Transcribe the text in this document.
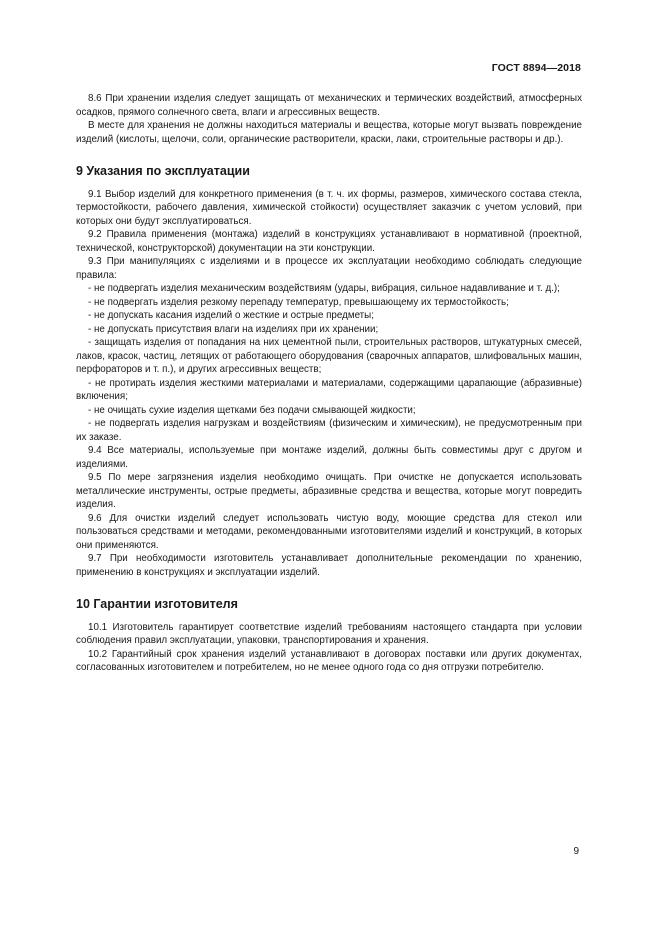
ГОСТ 8894—2018

8.6 При хранении изделия следует защищать от механических и термических воздействий, атмосферных осадков, прямого солнечного света, влаги и агрессивных веществ.

В месте для хранения не должны находиться материалы и вещества, которые могут вызвать повреждение изделий (кислоты, щелочи, соли, органические растворители, краски, лаки, строительные растворы и др.).

9 Указания по эксплуатации

9.1 Выбор изделий для конкретного применения (в т. ч. их формы, размеров, химического состава стекла, термостойкости, рабочего давления, химической стойкости) осуществляет заказчик с учетом условий, при которых они будут эксплуатироваться.

9.2 Правила применения (монтажа) изделий в конструкциях устанавливают в нормативной (проектной, технической, конструкторской) документации на эти конструкции.

9.3 При манипуляциях с изделиями и в процессе их эксплуатации необходимо соблюдать следующие правила:

- не подвергать изделия механическим воздействиям (удары, вибрация, сильное надавливание и т. д.);

- не подвергать изделия резкому перепаду температур, превышающему их термостойкость;

- не допускать касания изделий о жесткие и острые предметы;

- не допускать присутствия влаги на изделиях при их хранении;

- защищать изделия от попадания на них цементной пыли, строительных растворов, штукатурных смесей, лаков, красок, частиц, летящих от работающего оборудования (сварочных аппаратов, шлифовальных машин, перфораторов и т. п.), и других агрессивных веществ;

- не протирать изделия жесткими материалами и материалами, содержащими царапающие (абразивные) включения;

- не очищать сухие изделия щетками без подачи смывающей жидкости;

- не подвергать изделия нагрузкам и воздействиям (физическим и химическим), не предусмотренным при их заказе.

9.4 Все материалы, используемые при монтаже изделий, должны быть совместимы друг с другом и изделиями.

9.5 По мере загрязнения изделия необходимо очищать. При очистке не допускается использовать металлические инструменты, острые предметы, абразивные средства и вещества, которые могут повредить изделия.

9.6 Для очистки изделий следует использовать чистую воду, моющие средства для стекол или пользоваться средствами и методами, рекомендованными изготовителями изделий и конструкций, в которых они применяются.

9.7 При необходимости изготовитель устанавливает дополнительные рекомендации по хранению, применению в конструкциях и эксплуатации изделий.

10 Гарантии изготовителя

10.1 Изготовитель гарантирует соответствие изделий требованиям настоящего стандарта при условии соблюдения правил эксплуатации, упаковки, транспортирования и хранения.

10.2 Гарантийный срок хранения изделий устанавливают в договорах поставки или других документах, согласованных изготовителем и потребителем, но не менее одного года со дня отгрузки потребителю.

9
